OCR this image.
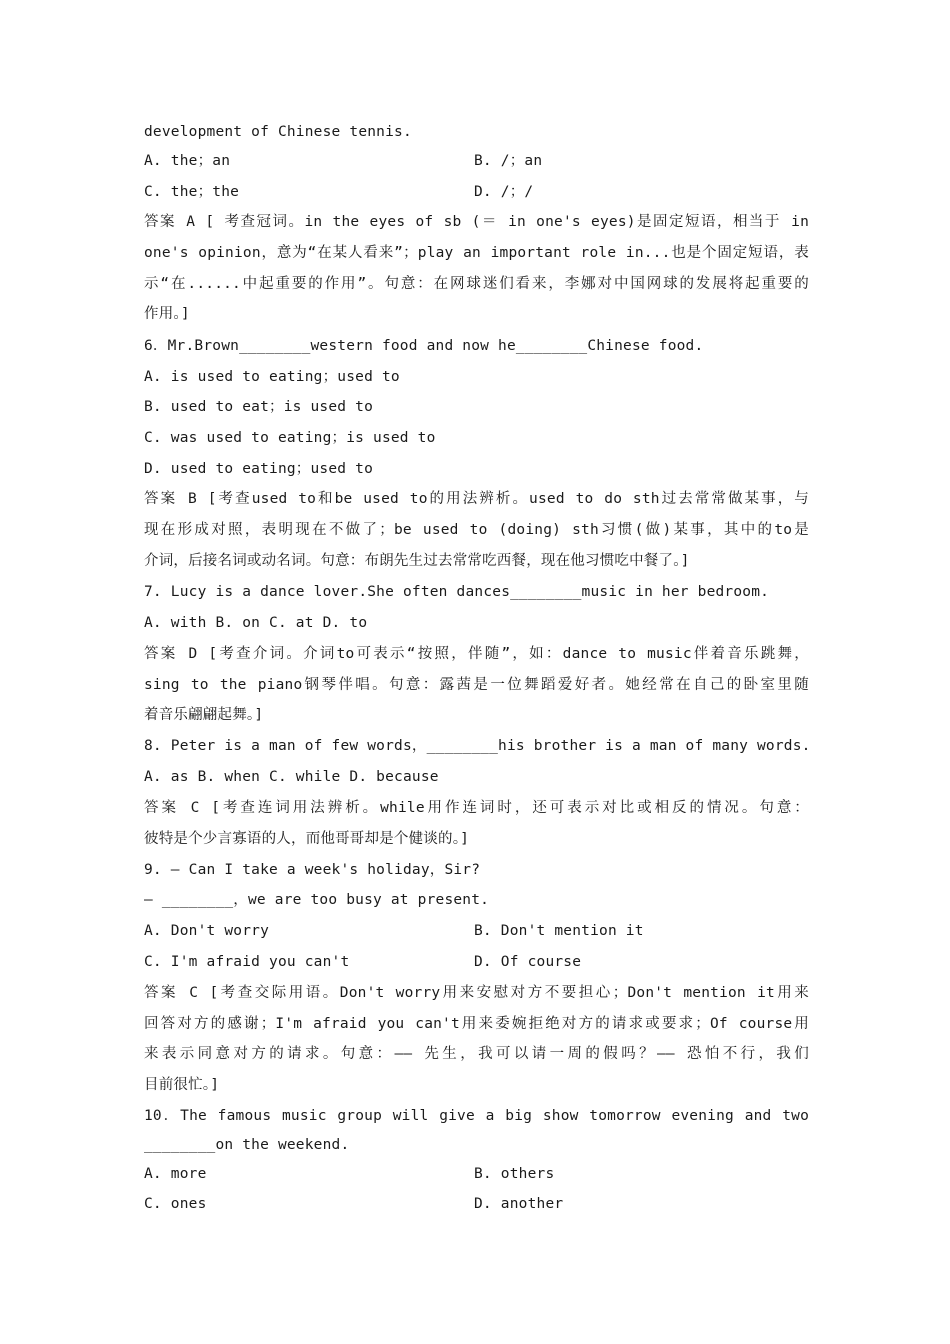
development of Chinese tennis.
A. the；an	B. /；an
C. the；the	D. /；/
答案 A [ 考查冠词。in the eyes of sb (＝ in one's eyes)是固定短语，相当于 in
one's opinion，意为“在某人看来”；play an important role in...也是个固定短语，表
示“在......中起重要的作用”。句意：在网球迷们看来，李娜对中国网球的发展将起重要的
作用。]
6．Mr.Brown________western food and now he________Chinese food.
A. is used to eating；used to
B. used to eat；is used to
C. was used to eating；is used to
D. used to eating；used to
答案 B [考查used to和be used to的用法辨析。used to do sth过去常常做某事，与
现在形成对照，表明现在不做了；be used to (doing) sth习惯(做)某事，其中的to是
介词，后接名词或动名词。句意：布朗先生过去常常吃西餐，现在他习惯吃中餐了。]
7. Lucy is a dance lover.She often dances________music in her bedroom.
A. with B. on C. at D. to
答案 D [考查介词。介词to可表示“按照，伴随”，如：dance to music伴着音乐跳舞，
sing to the piano钢琴伴唱。句意：露茜是一位舞蹈爱好者。她经常在自己的卧室里随
着音乐翩翩起舞。]
8. Peter is a man of few words，________his brother is a man of many words.
A. as B. when C. while D. because
答案 C [考查连词用法辨析。while用作连词时，还可表示对比或相反的情况。句意：
彼特是个少言寡语的人，而他哥哥却是个健谈的。]
9. — Can I take a week's holiday，Sir?
— ________，we are too busy at present.
A. Don't worry	B. Don't mention it
C. I'm afraid you can't	D. Of course
答案 C [考查交际用语。Don't worry用来安慰对方不要担心；Don't mention it用来
回答对方的感谢；I'm afraid you can't用来委婉拒绝对方的请求或要求；Of course用
来表示同意对方的请求。句意：—— 先生，我可以请一周的假吗？—— 恐怕不行，我们
目前很忙。]
10．The famous music group will give a big show tomorrow evening and two
________on the weekend.
A. more	B. others
C. ones	D. another
